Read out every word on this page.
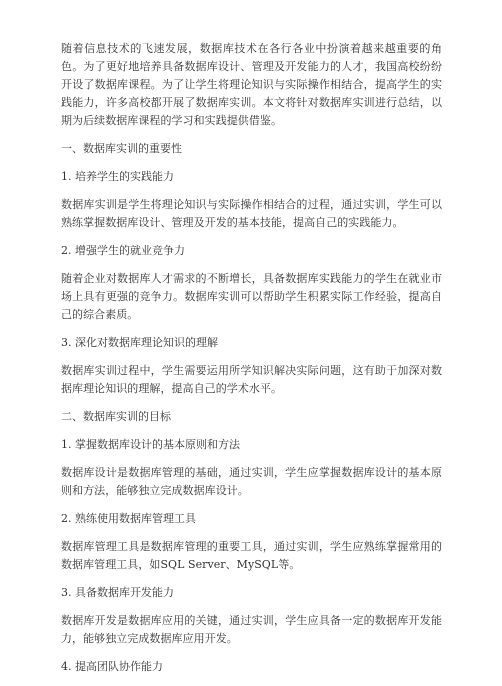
随着信息技术的飞速发展，数据库技术在各行各业中扮演着越来越重要的角色。为了更好地培养具备数据库设计、管理及开发能力的人才，我国高校纷纷开设了数据库课程。为了让学生将理论知识与实际操作相结合，提高学生的实践能力，许多高校都开展了数据库实训。本文将针对数据库实训进行总结，以期为后续数据库课程的学习和实践提供借鉴。

一、数据库实训的重要性

1. 培养学生的实践能力

数据库实训是学生将理论知识与实际操作相结合的过程，通过实训，学生可以熟练掌握数据库设计、管理及开发的基本技能，提高自己的实践能力。

2. 增强学生的就业竞争力

随着企业对数据库人才需求的不断增长，具备数据库实践能力的学生在就业市场上具有更强的竞争力。数据库实训可以帮助学生积累实际工作经验，提高自己的综合素质。

3. 深化对数据库理论知识的理解

数据库实训过程中，学生需要运用所学知识解决实际问题，这有助于加深对数据库理论知识的理解，提高自己的学术水平。

二、数据库实训的目标

1. 掌握数据库设计的基本原则和方法

数据库设计是数据库管理的基础，通过实训，学生应掌握数据库设计的基本原则和方法，能够独立完成数据库设计。

2. 熟练使用数据库管理工具

数据库管理工具是数据库管理的重要工具，通过实训，学生应熟练掌握常用的数据库管理工具，如SQL Server、MySQL等。

3. 具备数据库开发能力

数据库开发是数据库应用的关键，通过实训，学生应具备一定的数据库开发能力，能够独立完成数据库应用开发。

4. 提高团队协作能力
